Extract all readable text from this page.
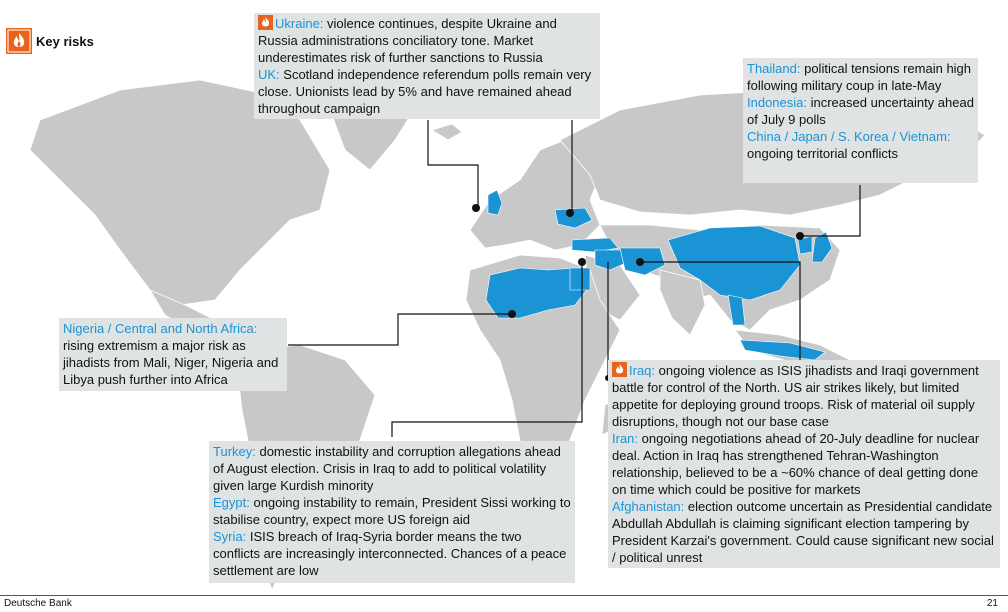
Key risks
Ukraine: violence continues, despite Ukraine and Russia administrations conciliatory tone. Market underestimates risk of further sanctions to Russia
UK: Scotland independence referendum polls remain very close. Unionists lead by 5% and have remained ahead throughout campaign
Thailand: political tensions remain high following military coup in late-May
Indonesia: increased uncertainty ahead of July 9 polls
China / Japan / S. Korea / Vietnam:
ongoing territorial conflicts
Nigeria / Central and North Africa:
rising extremism a major risk as jihadists from Mali, Niger, Nigeria and Libya push further into Africa
Turkey: domestic instability and corruption allegations ahead of August election. Crisis in Iraq to add to political volatility given large Kurdish minority
Egypt: ongoing instability to remain, President Sissi working to stabilise country, expect more US foreign aid
Syria: ISIS breach of Iraq-Syria border means the two conflicts are increasingly interconnected. Chances of a peace settlement are low
Iraq: ongoing violence as ISIS jihadists and Iraqi government battle for control of the North. US air strikes likely, but limited appetite for deploying ground troops. Risk of material oil supply disruptions, though not our base case
Iran: ongoing negotiations ahead of 20-July deadline for nuclear deal. Action in Iraq has strengthened Tehran-Washington relationship, believed to be a ~60% chance of deal getting done on time which could be positive for markets
Afghanistan: election outcome uncertain as Presidential candidate Abdullah Abdullah is claiming significant election tampering by President Karzai's government. Could cause significant new social / political unrest
Deutsche Bank	21
